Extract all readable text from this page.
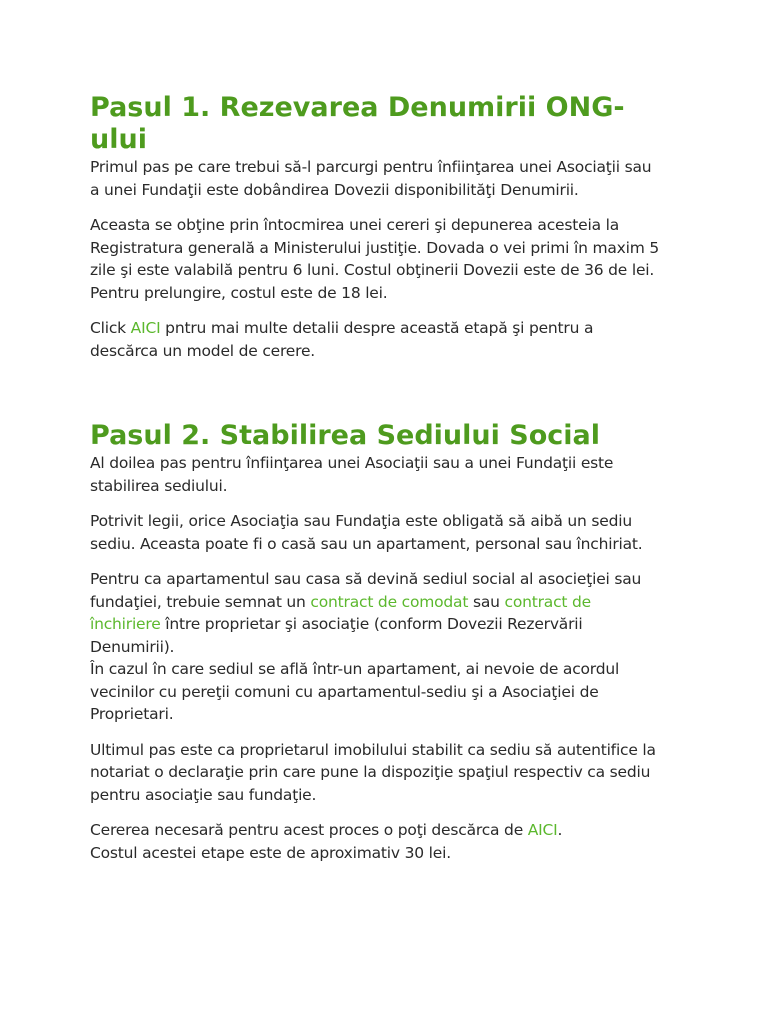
Pasul 1. Rezevarea Denumirii ONG-ului

Primul pas pe care trebui să-l parcurgi pentru înfiinţarea unei Asociaţii sau a unei Fundaţii este dobândirea Dovezii disponibilităţi Denumirii.

Aceasta se obţine prin întocmirea unei cereri şi depunerea acesteia la Registratura generală a Ministerului justiţie. Dovada o vei primi în maxim 5 zile şi este valabilă pentru 6 luni. Costul obţinerii Dovezii este de 36 de lei. Pentru prelungire, costul este de 18 lei.

Click AICI pntru mai multe detalii despre această etapă şi pentru a descărca un model de cerere.

Pasul 2. Stabilirea Sediului Social

Al doilea pas pentru înfiinţarea unei Asociaţii sau a unei Fundaţii este stabilirea sediului.

Potrivit legii, orice Asociaţia sau Fundaţia este obligată să aibă un sediu sediu. Aceasta poate fi o casă sau un apartament, personal sau închiriat.

Pentru ca apartamentul sau casa să devină sediul social al asocieţiei sau fundaţiei, trebuie semnat un contract de comodat sau contract de închiriere între proprietar şi asociaţie (conform Dovezii Rezervării Denumirii).
În cazul în care sediul se află într-un apartament, ai nevoie de acordul vecinilor cu pereţii comuni cu apartamentul-sediu şi a Asociaţiei de Proprietari.

Ultimul pas este ca proprietarul imobilului stabilit ca sediu să autentifice la notariat o declaraţie prin care pune la dispoziţie spaţiul respectiv ca sediu pentru asociaţie sau fundaţie.

Cererea necesară pentru acest proces o poţi descărca de AICI.
Costul acestei etape este de aproximativ 30 lei.
